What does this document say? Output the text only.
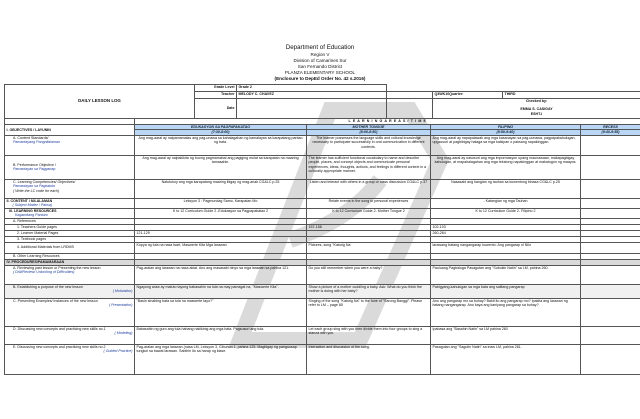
Department of Education
Region V
Division of Camarines Sur
San Fernando District
PLANZA ELEMENTARY SCHOOL
(Enclosure to DepEd Order No. 42 s.2016)
DAILY LESSON LOG	Grade Level	Grade 2			
	Teacher	MELODY C. CHAVEZ		Q3WK10Quarter:	THIRD
	Date			Checked by:
EMMA S. CASIGAY
ESHT-I	
	L E A R N I N G A R E A S / T I M E			
I. OBJECTIVES / LAYUNIN	EDUKASYON SA PAGPAPAKATAO	MOTHER TONGUE	FILIPINO	RECESS
	(7:30-8:00)	(8:00-8:50)	(8:50-9:40)	(9:40-9:55)

A. Content Standards/
Pamantayang Pangnilalaman	Ang mag-aaral ay naipamamalas ang pag-unawa sa kahalagahan ng kamalayan sa karapatang pantao ng bata.	The learner possesses the language skills and cultural knowledge necessary to participate successfully in oral communication in different contexts.	Ang mag-aaral ay napapalawak ang mga kasanayan sa pag-uunawa, pagpapakahulugan, upgsusuri at pagbibigay halaga sa mga kaisipan o paksang napakinggan.	

B. Performance Objective /
Pamantayan sa Pagganap	Ang mag-aaral ay naipakikita ng buong pagmamahal ang pagiging mulat sa karapatan na maaring tamasahin.	The learner has sufficient functional vocabulary to name and describe people, places, and concept objects and communicate personal experiences, ideas, thoughts, actions, and feelings in different context in a culturally appropriate manner.	Ang mag-aaral ay nasusuri ang mga impormasyon upang maunawaan, makapagbigay kahulugan, at mapahalagahan ang mga tekstong napakinggan at makatugon ng maayos.	

C. Learning Competencies/ Objectives/
Pamantayan sa Pagkatuto
( Write the LC code for each)	Natutukoy ang mga karapatang maaring ibigay ng mag-anak CG&LC p.25	Listen and interact with others in a group or class discussion CG&LC p.37	Nasasabi ang kangian ng tauhan sa kuwentong binasa CG&LC p.25	

II. CONTENT / NILALAMAN
( Subject Matter / Paksa)	Leksyon 3 : Pagmundag Samo, Karapatan Mo	Relate events in the song to personal experiences	- Katangian ng mga Tauhan	

III. LEARNING RESOURCES
Kagamitang Panturo	K to 12 Curriculum Guide 2 -Edukasyon sa Pagpapakatao 2	K to 12 Curriculum Guide 2- Mother Tongue 2	K to 12 Curriculum Guide 2- Filipino 2	
A. References				
1. Teachers Guide pages		157-158	102-103	
2. Learner Material Pages	121-129		260-264	
3. Textbook pages				
4. Additional Materials from LRDMS	Kopya ng tula na nasa tsart, Maswerte Kita Mga larawan	Pictures, song "Katurig Na	larawang batang nangangarap kuwento: Ang pangarap ni Nilo	
B. Other Learning Resources				
IV. PROCEDURES/PAMAMARAAN				

A. Reviewing past lesson or Presenting the new lesson
( Drill/Review/ Unlocking of Difficulties)	Pag-aralan ang larawan na nasa aklat. Ano ang masasabi ninyo sa mga larawan sa pahina 121.	Do you still remember when you were a baby?	Pauluang Pagbaluga Pasagutan ang "Subukin Natin" sa LM, pahina 260.	

B. Establishing a purpose of the new lesson
( Motivation)	Ngayong araw ay matuto tayong babasahin na tula na may pamagat na, "Maswerte Kita".	Show a picture of a mother cuddling a baby. Ask: What do you think the mother is doing with her baby?	Pabigyang-kahulugan sa mga bata ang salitang pangarap	

C. Presenting Examples/ instances of the new lesson
( Presentation)	"Basin sinabing bata sa tula na maswerte tayo?"	Singing of the song "Katurig Na" to the tune of "Sarong Banggi". Please refer to LM – page 85	Ano ang pangarap mo sa buhay? Bakit ito ang pangarap mo? Ipakita ang larawan ng batang nangangarap. Ano kaya ang kaniyang pangarap sa buhay?	

D. Discussing new concepts and practicing new skills no.1
( Modeling)	Babasahin ng guro ang tula habang nakikinig ang mga bata. Pagsusuri ang tula.	Let each group sing with you then divide them into four groups to sing a stanza with you.	Ipabasa ang "Basahin Natin" sa LM pahina 260	

E. Discussing new concepts and practicing new skills no.2
( Guided Practice)	Pag-aralan ang mga larawan (nasa LM, Leksyon 3, Gibuhon 1, pahina 125. Magbigay ng panguusap tungkol sa bawat larawan. Sabihin ito sa harap ng klase.	Interaction and discussion of the song.	Pasagutan ang "Sagutin Natin" sa inaw LM, pahina 261.	
